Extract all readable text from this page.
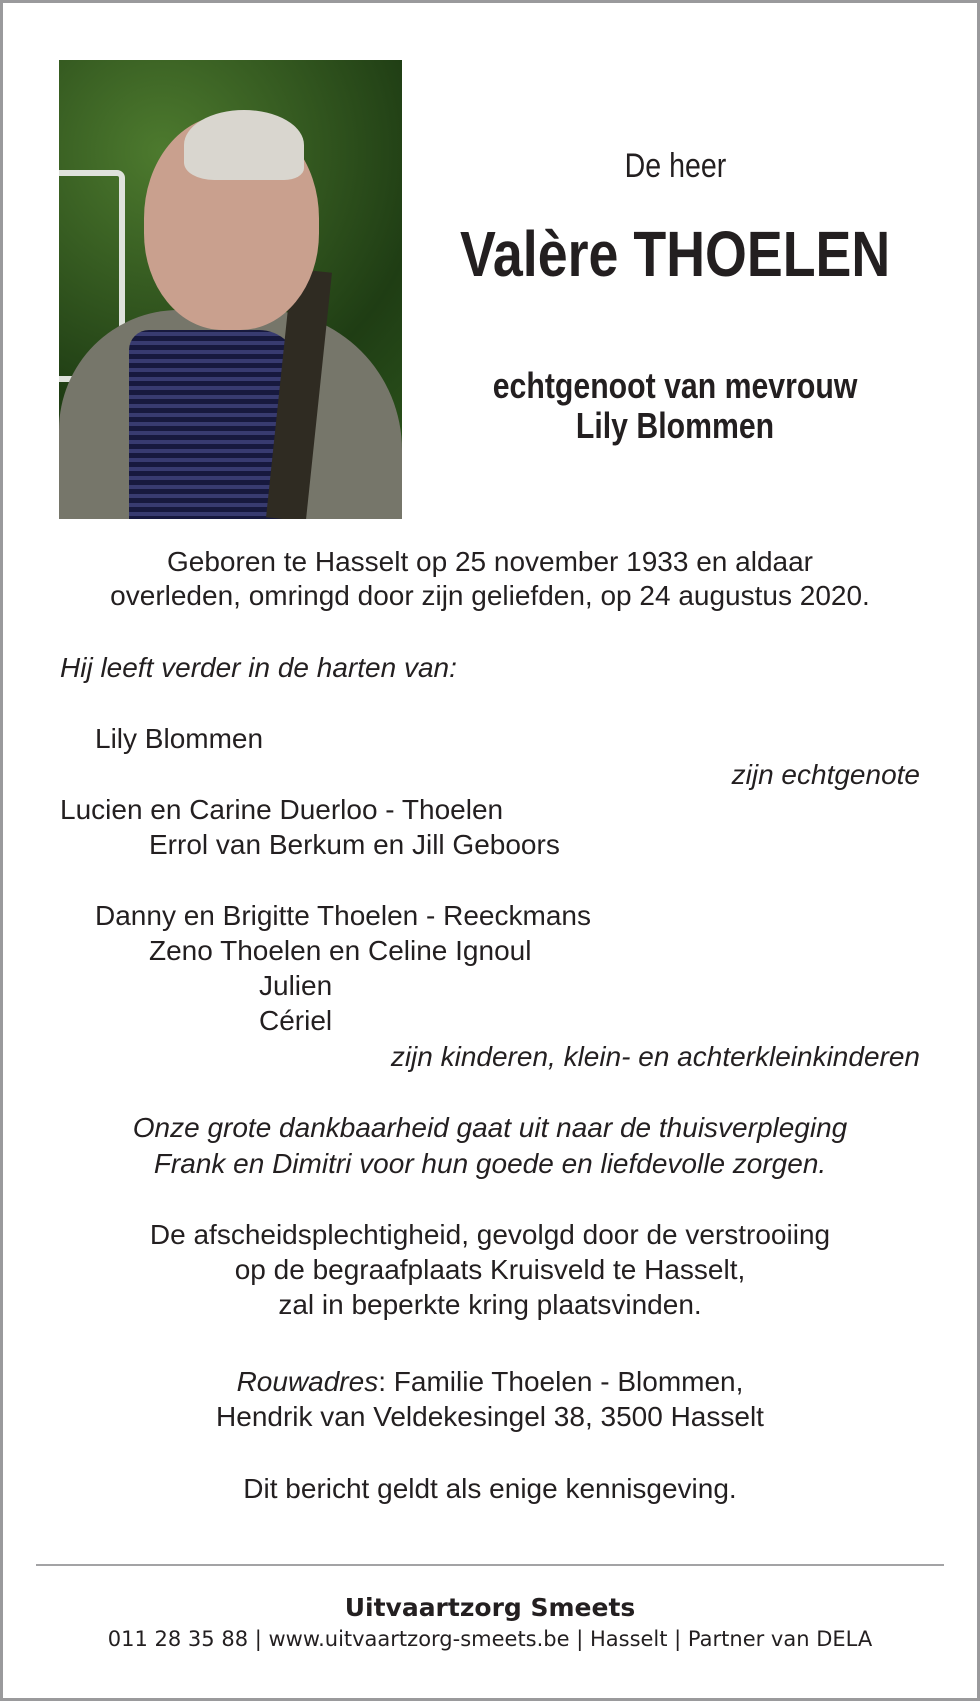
De heer
Valère THOELEN
echtgenoot van mevrouw
Lily Blommen
Geboren te Hasselt op 25 november 1933 en aldaar
overleden, omringd door zijn geliefden, op 24 augustus 2020.
Hij leeft verder in de harten van:
Lily Blommen
zijn echtgenote
Lucien en Carine Duerloo - Thoelen
Errol van Berkum en Jill Geboors
Danny en Brigitte Thoelen - Reeckmans
Zeno Thoelen en Celine Ignoul
Julien
Cériel
zijn kinderen, klein- en achterkleinkinderen
Onze grote dankbaarheid gaat uit naar de thuisverpleging
Frank en Dimitri voor hun goede en liefdevolle zorgen.
De afscheidsplechtigheid, gevolgd door de verstrooiing
op de begraafplaats Kruisveld te Hasselt,
zal in beperkte kring plaatsvinden.
Rouwadres: Familie Thoelen - Blommen,
Hendrik van Veldekesingel 38, 3500 Hasselt
Dit bericht geldt als enige kennisgeving.
Uitvaartzorg Smeets
011 28 35 88 | www.uitvaartzorg-smeets.be | Hasselt | Partner van DELA
